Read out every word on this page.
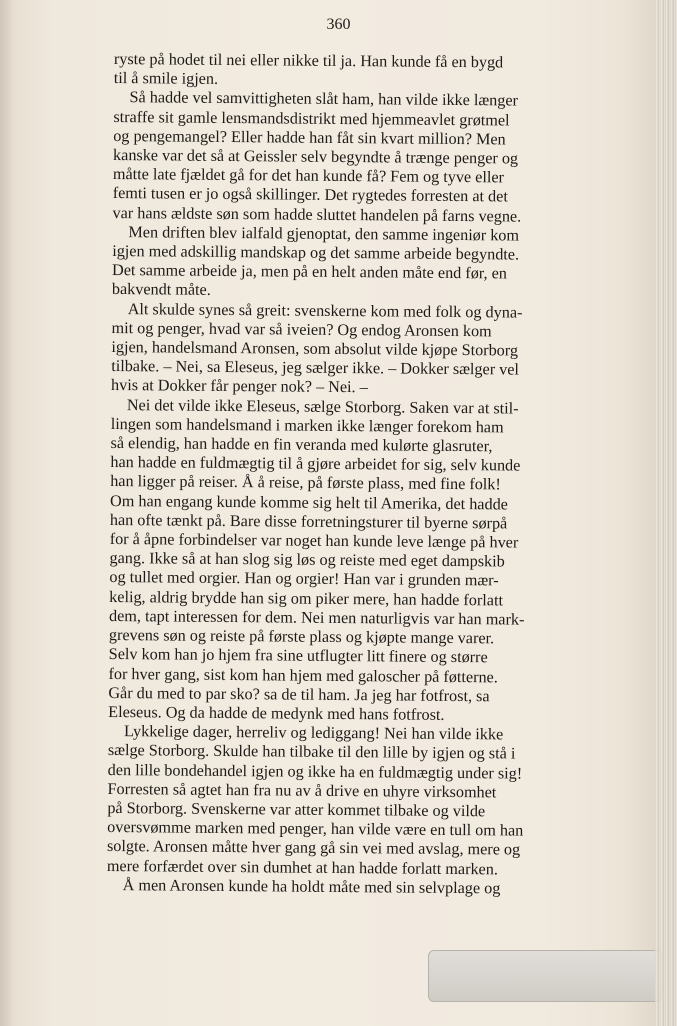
360
ryste på hodet til nei eller nikke til ja. Han kunde få en bygd
til å smile igjen.
Så hadde vel samvittigheten slåt ham, han vilde ikke længer
straffe sit gamle lensmandsdistrikt med hjemmeavlet grøtmel
og pengemangel? Eller hadde han fåt sin kvart million? Men
kanske var det så at Geissler selv begyndte å trænge penger og
måtte late fjældet gå for det han kunde få? Fem og tyve eller
femti tusen er jo også skillinger. Det rygtedes forresten at det
var hans ældste søn som hadde sluttet handelen på farns vegne.
Men driften blev ialfald gjenoptat, den samme ingeniør kom
igjen med adskillig mandskap og det samme arbeide begyndte.
Det samme arbeide ja, men på en helt anden måte end før, en
bakvendt måte.
Alt skulde synes så greit: svenskerne kom med folk og dyna-
mit og penger, hvad var så iveien? Og endog Aronsen kom
igjen, handelsmand Aronsen, som absolut vilde kjøpe Storborg
tilbake. – Nei, sa Eleseus, jeg sælger ikke. – Dokker sælger vel
hvis at Dokker får penger nok? – Nei. –
Nei det vilde ikke Eleseus, sælge Storborg. Saken var at stil-
lingen som handelsmand i marken ikke længer forekom ham
så elendig, han hadde en fin veranda med kulørte glasruter,
han hadde en fuldmægtig til å gjøre arbeidet for sig, selv kunde
han ligger på reiser. Å å reise, på første plass, med fine folk!
Om han engang kunde komme sig helt til Amerika, det hadde
han ofte tænkt på. Bare disse forretningsturer til byerne sørpå
for å åpne forbindelser var noget han kunde leve længe på hver
gang. Ikke så at han slog sig løs og reiste med eget dampskib
og tullet med orgier. Han og orgier! Han var i grunden mær-
kelig, aldrig brydde han sig om piker mere, han hadde forlatt
dem, tapt interessen for dem. Nei men naturligvis var han mark-
grevens søn og reiste på første plass og kjøpte mange varer.
Selv kom han jo hjem fra sine utflugter litt finere og større
for hver gang, sist kom han hjem med galoscher på føtterne.
Går du med to par sko? sa de til ham. Ja jeg har fotfrost, sa
Eleseus. Og da hadde de medynk med hans fotfrost.
Lykkelige dager, herreliv og lediggang! Nei han vilde ikke
sælge Storborg. Skulde han tilbake til den lille by igjen og stå i
den lille bondehandel igjen og ikke ha en fuldmægtig under sig!
Forresten så agtet han fra nu av å drive en uhyre virksomhet
på Storborg. Svenskerne var atter kommet tilbake og vilde
oversvømme marken med penger, han vilde være en tull om han
solgte. Aronsen måtte hver gang gå sin vei med avslag, mere og
mere forfærdet over sin dumhet at han hadde forlatt marken.
Å men Aronsen kunde ha holdt måte med sin selvplage og
